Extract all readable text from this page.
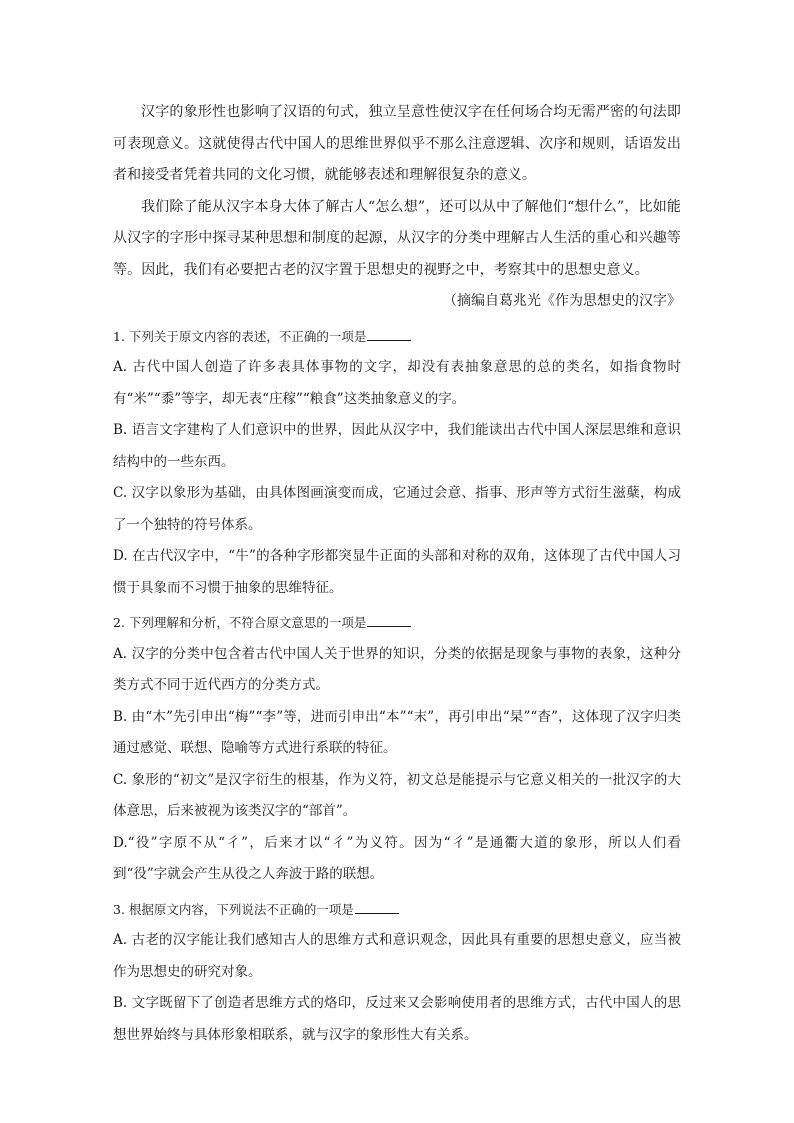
汉字的象形性也影响了汉语的句式，独立呈意性使汉字在任何场合均无需严密的句法即可表现意义。这就使得古代中国人的思维世界似乎不那么注意逻辑、次序和规则，话语发出者和接受者凭着共同的文化习惯，就能够表述和理解很复杂的意义。

我们除了能从汉字本身大体了解古人“怎么想”，还可以从中了解他们“想什么”，比如能从汉字的字形中探寻某种思想和制度的起源，从汉字的分类中理解古人生活的重心和兴趣等等。因此，我们有必要把古老的汉字置于思想史的视野之中，考察其中的思想史意义。

（摘编自葛兆光《作为思想史的汉字》

1. 下列关于原文内容的表述，不正确的一项是

A. 古代中国人创造了许多表具体事物的文字，却没有表抽象意思的总的类名，如指食物时有“米”“黍”等字，却无表“庄稼”“粮食”这类抽象意义的字。

B. 语言文字建构了人们意识中的世界，因此从汉字中，我们能读出古代中国人深层思维和意识结构中的一些东西。

C. 汉字以象形为基础，由具体图画演变而成，它通过会意、指事、形声等方式衍生滋蘖，构成了一个独特的符号体系。

D. 在古代汉字中，“牛”的各种字形都突显牛正面的头部和对称的双角，这体现了古代中国人习惯于具象而不习惯于抽象的思维特征。

2. 下列理解和分析，不符合原文意思的一项是

A. 汉字的分类中包含着古代中国人关于世界的知识，分类的依据是现象与事物的表象，这种分类方式不同于近代西方的分类方式。

B. 由“木”先引申出“梅”“李”等，进而引申出“本”“末”，再引申出“杲”“杳”，这体现了汉字归类通过感觉、联想、隐喻等方式进行系联的特征。

C. 象形的“初文”是汉字衍生的根基，作为义符，初文总是能提示与它意义相关的一批汉字的大体意思，后来被视为该类汉字的“部首”。

D.“役”字原不从“彳”，后来才以“彳”为义符。因为“彳”是通衢大道的象形，所以人们看到“役”字就会产生从役之人奔波于路的联想。

3. 根据原文内容，下列说法不正确的一项是

A. 古老的汉字能让我们感知古人的思维方式和意识观念，因此具有重要的思想史意义，应当被作为思想史的研究对象。

B. 文字既留下了创造者思维方式的烙印，反过来又会影响使用者的思维方式，古代中国人的思想世界始终与具体形象相联系，就与汉字的象形性大有关系。
